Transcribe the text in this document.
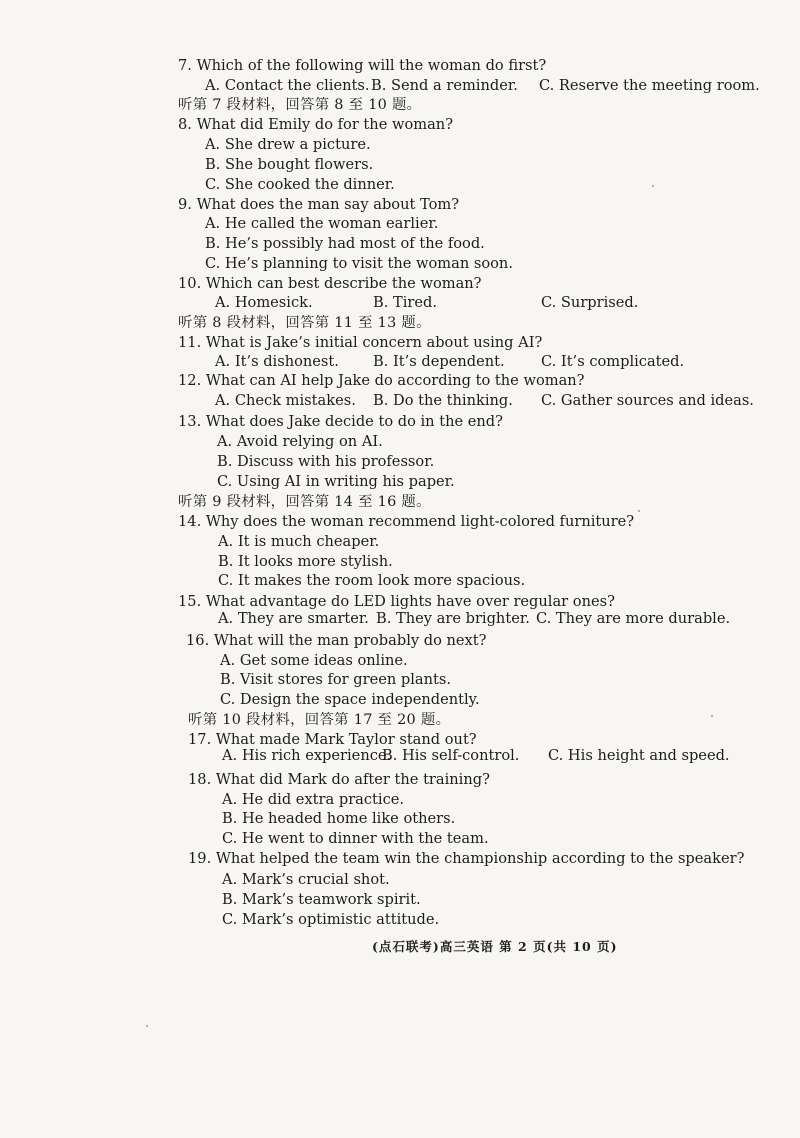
7. Which of the following will the woman do first?
A. Contact the clients. B. Send a reminder. C. Reserve the meeting room.
听第 7 段材料，回答第 8 至 10 题。
8. What did Emily do for the woman?
A. She drew a picture.
B. She bought flowers.
C. She cooked the dinner.
9. What does the man say about Tom?
A. He called the woman earlier.
B. He’s possibly had most of the food.
C. He’s planning to visit the woman soon.
10. Which can best describe the woman?
A. Homesick.	B. Tired.	C. Surprised.
听第 8 段材料，回答第 11 至 13 题。
11. What is Jake’s initial concern about using AI?
A. It’s dishonest. B. It’s dependent. C. It’s complicated.
12. What can AI help Jake do according to the woman?
A. Check mistakes. B. Do the thinking. C. Gather sources and ideas.
13. What does Jake decide to do in the end?
A. Avoid relying on AI.
B. Discuss with his professor.
C. Using AI in writing his paper.
听第 9 段材料，回答第 14 至 16 题。
14. Why does the woman recommend light-colored furniture?
A. It is much cheaper.
B. It looks more stylish.
C. It makes the room look more spacious.
15. What advantage do LED lights have over regular ones?
A. They are smarter. B. They are brighter. C. They are more durable.
16. What will the man probably do next?
A. Get some ideas online.
B. Visit stores for green plants.
C. Design the space independently.
听第 10 段材料，回答第 17 至 20 题。
17. What made Mark Taylor stand out?
A. His rich experience.
B. His self-control. C. His height and speed.
18. What did Mark do after the training?
A. He did extra practice.
B. He headed home like others.
C. He went to dinner with the team.
19. What helped the team win the championship according to the speaker?
A. Mark’s crucial shot.
B. Mark’s teamwork spirit.
C. Mark’s optimistic attitude.
(点石联考)高三英语 第 2 页(共 10 页)
